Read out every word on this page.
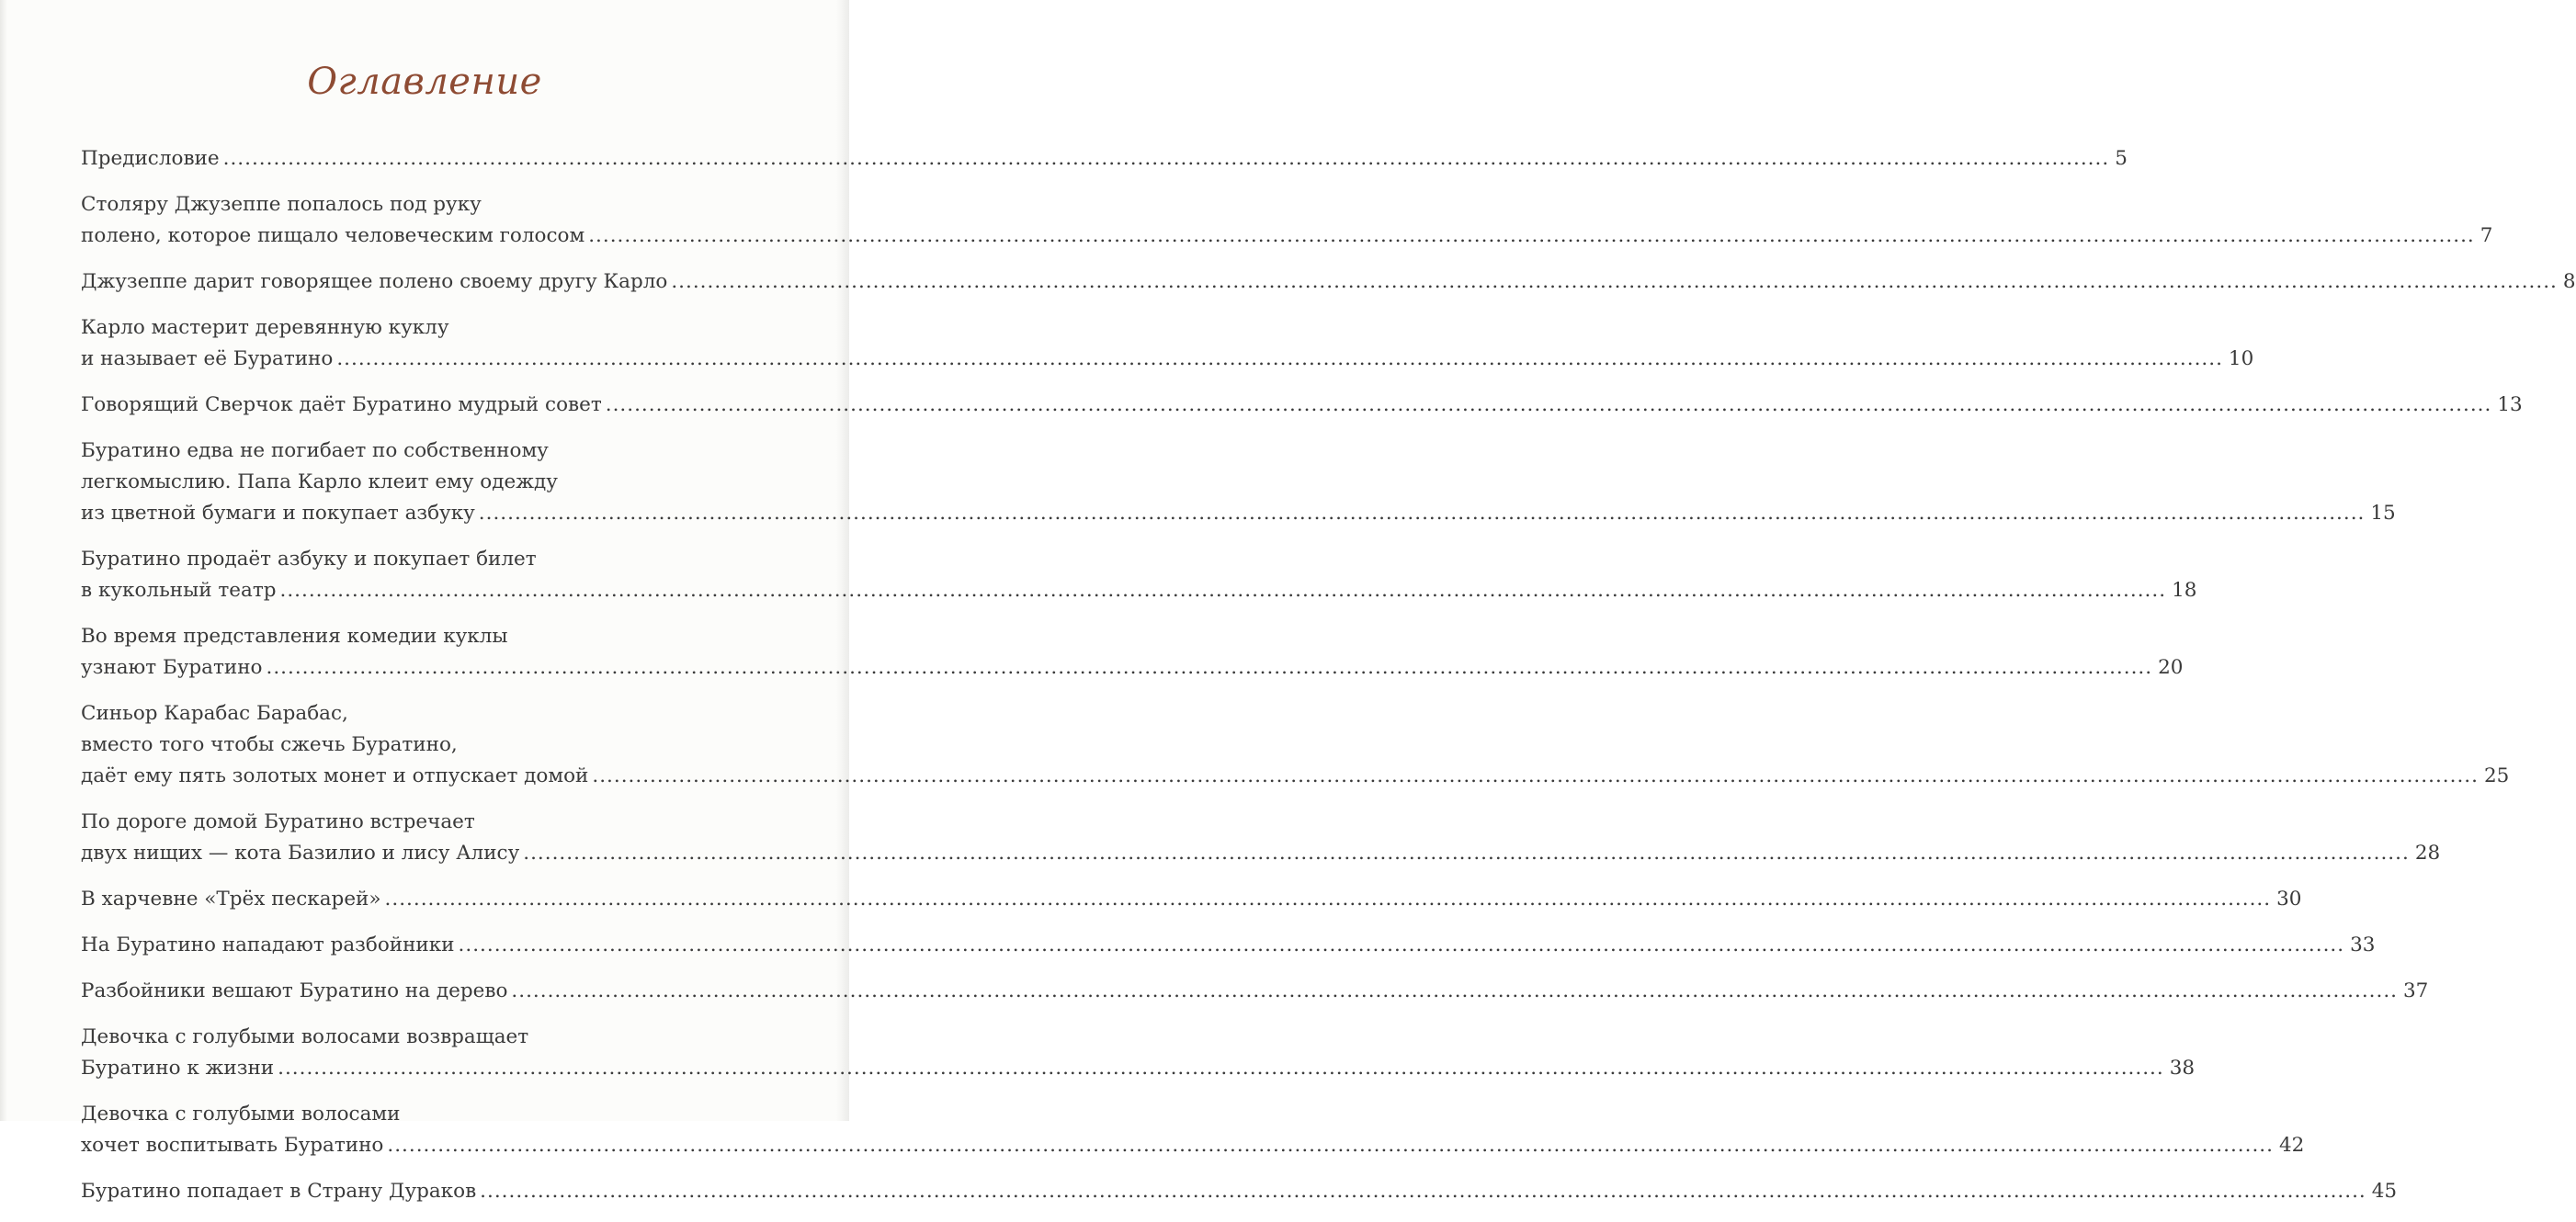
Оглавление
Предисловие .....	5
Столяру Джузеппе попалось под руку
полено, которое пищало человеческим голосом .....	7
Джузеппе дарит говорящее полено своему другу Карло .....	8
Карло мастерит деревянную куклу
и называет её Буратино .....	10
Говорящий Сверчок даёт Буратино мудрый совет .....	13
Буратино едва не погибает по собственному
легкомыслию. Папа Карло клеит ему одежду
из цветной бумаги и покупает азбуку .....	15
Буратино продаёт азбуку и покупает билет
в кукольный театр .....	18
Во время представления комедии куклы
узнают Буратино .....	20
Синьор Карабас Барабас,
вместо того чтобы сжечь Буратино,
даёт ему пять золотых монет и отпускает домой .....	25
По дороге домой Буратино встречает
двух нищих — кота Базилио и лису Алису .....	28
В харчевне «Трёх пескарей» .....	30
На Буратино нападают разбойники .....	33
Разбойники вешают Буратино на дерево .....	37
Девочка с голубыми волосами возвращает
Буратино к жизни .....	38
Девочка с голубыми волосами
хочет воспитывать Буратино .....	42
Буратино попадает в Страну Дураков .....	45
